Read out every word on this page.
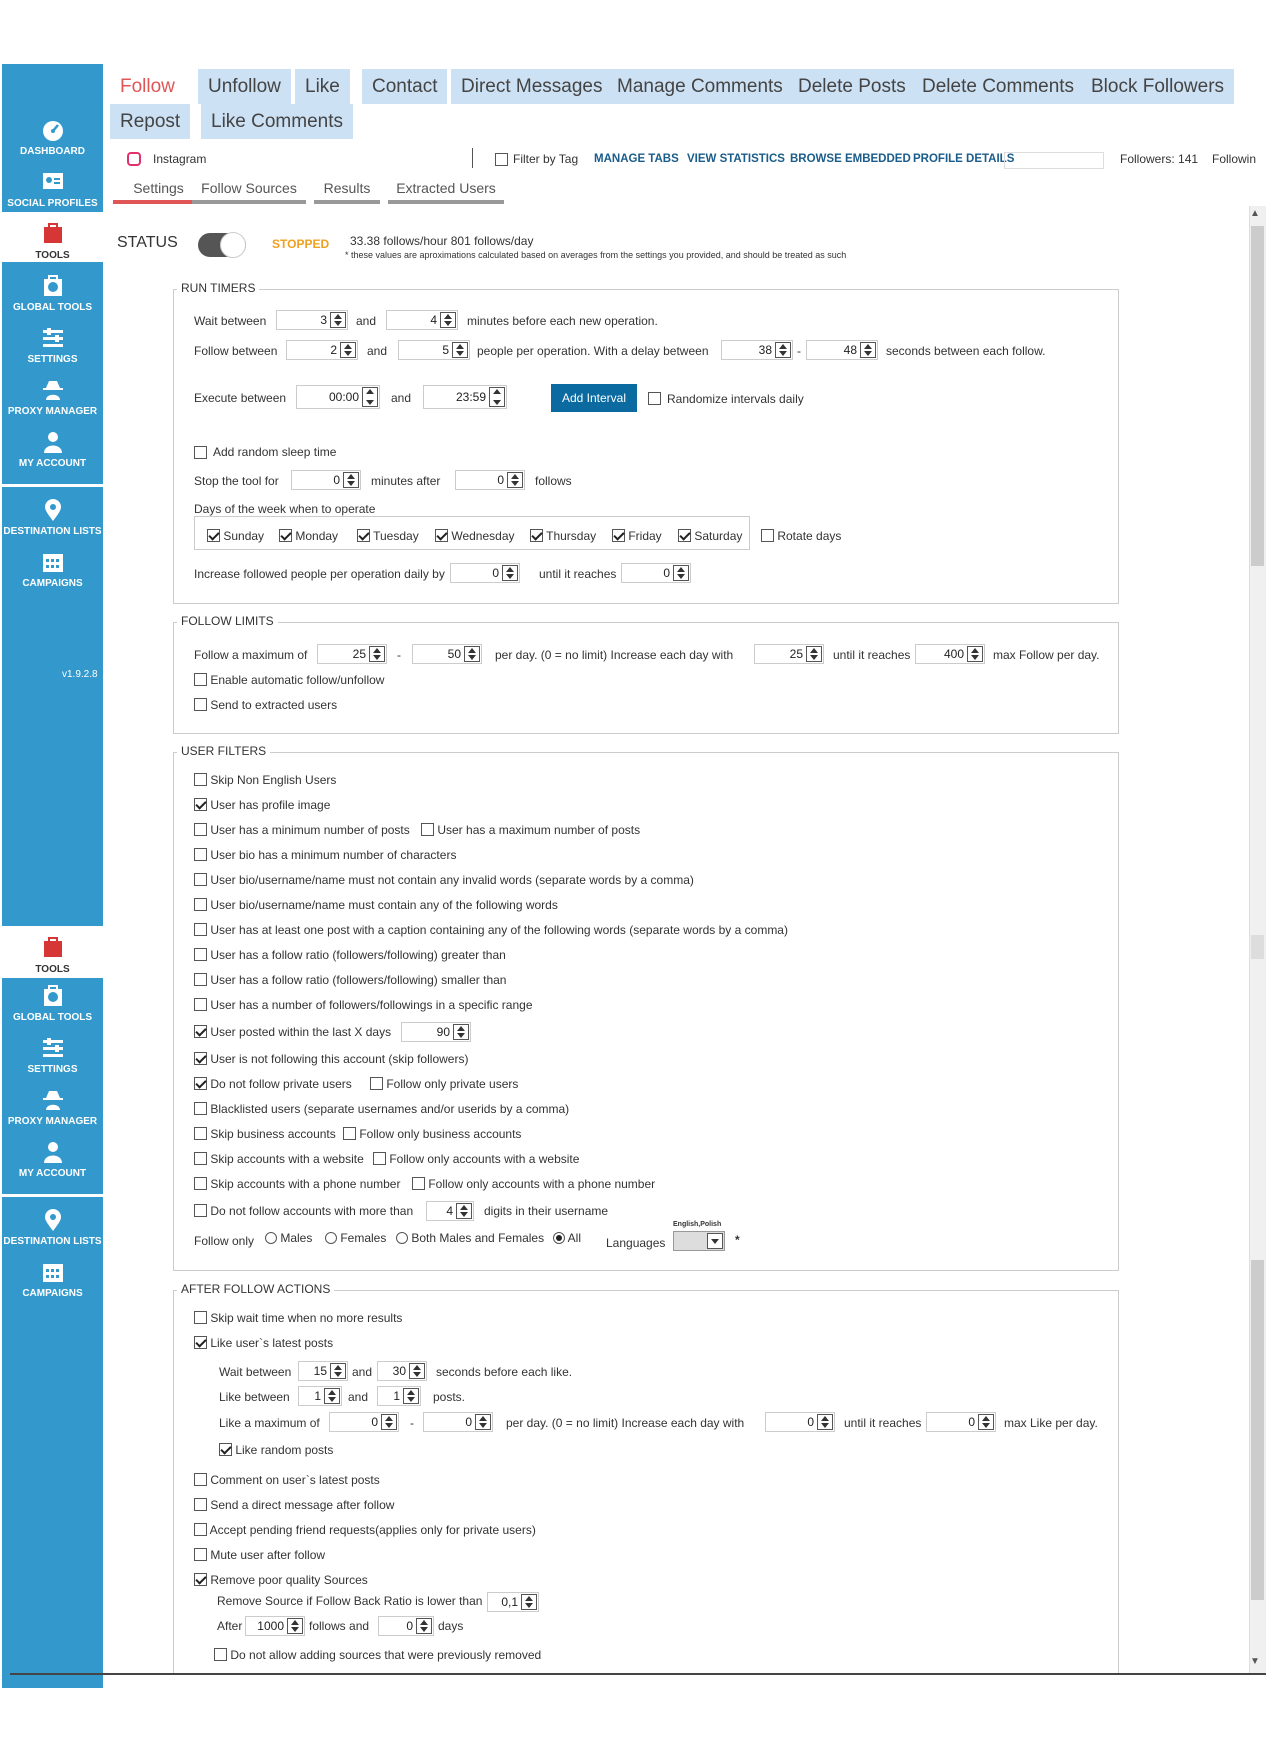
DASHBOARD
SOCIAL PROFILES
TOOLS
GLOBAL TOOLS
SETTINGS
PROXY MANAGER
MY ACCOUNT
DESTINATION LISTS
CAMPAIGNS
v1.9.2.8
TOOLS
GLOBAL TOOLS
SETTINGS
PROXY MANAGER
MY ACCOUNT
DESTINATION LISTS
CAMPAIGNS
TUTORIALS
Follow	Unfollow	Like	Contact	Direct Messages Manage Comments Delete Posts Delete Comments Block Followers
Repost	Like Comments
Instagram	Filter by Tag MANAGE TABS VIEW STATISTICS BROWSE EMBEDDED PROFILE DETAILS	Followers: 141 Followin
Settings	Follow Sources	Results	Extracted Users
STATUS	STOPPED 33.38 follows/hour 801 follows/day
* these values are aproximations calculated based on averages from the settings you provided, and should be treated as such
RUN TIMERS
Wait between	3	and	4	minutes before each new operation.
Follow between	2	and	5	people per operation. With a delay between	38	-	48	seconds between each follow.
Execute between	00:00	and	23:59	Add Interval	Randomize intervals daily
Add random sleep time
Stop the tool for	0	minutes after	0	follows
Days of the week when to operate
Sunday	Monday	Tuesday	Wednesday	Thursday	Friday	Saturday	Rotate days
Increase followed people per operation daily by	0	until it reaches	0
FOLLOW LIMITS
Follow a maximum of	25	-	50	per day. (0 = no limit) Increase each day with	25	until it reaches	400	max Follow per day.
Enable automatic follow/unfollow
Send to extracted users
USER FILTERS
Skip Non English Users
User has profile image
User has a minimum number of posts	User has a maximum number of posts
User bio has a minimum number of characters
User bio/username/name must not contain any invalid words (separate words by a comma)
User bio/username/name must contain any of the following words
User has at least one post with a caption containing any of the following words (separate words by a comma)
User has a follow ratio (followers/following) greater than
User has a follow ratio (followers/following) smaller than
User has a number of followers/followings in a specific range
User posted within the last X days	90
User is not following this account (skip followers)
Do not follow private users	Follow only private users
Blacklisted users (separate usernames and/or userids by a comma)
Skip business accounts	Follow only business accounts
Skip accounts with a website	Follow only accounts with a website
Skip accounts with a phone number	Follow only accounts with a phone number
Do not follow accounts with more than	4	digits in their username
Follow only	Males	Females	Both Males and Females	All Languages
English,Polish
*
AFTER FOLLOW ACTIONS
Skip wait time when no more results
Like user`s latest posts
Wait between	15	and	30	seconds before each like.
Like between	1	and	1	posts.
Like a maximum of	0	-	0	per day. (0 = no limit) Increase each day with	0	until it reaches	0	max Like per day.
Like random posts
Comment on user`s latest posts
Send a direct message after follow
Accept pending friend requests(applies only for private users)
Mute user after follow
Remove poor quality Sources
Remove Source if Follow Back Ratio is lower than	0,1
After	1000	follows and	0	days
Do not allow adding sources that were previously removed
▲
▼
